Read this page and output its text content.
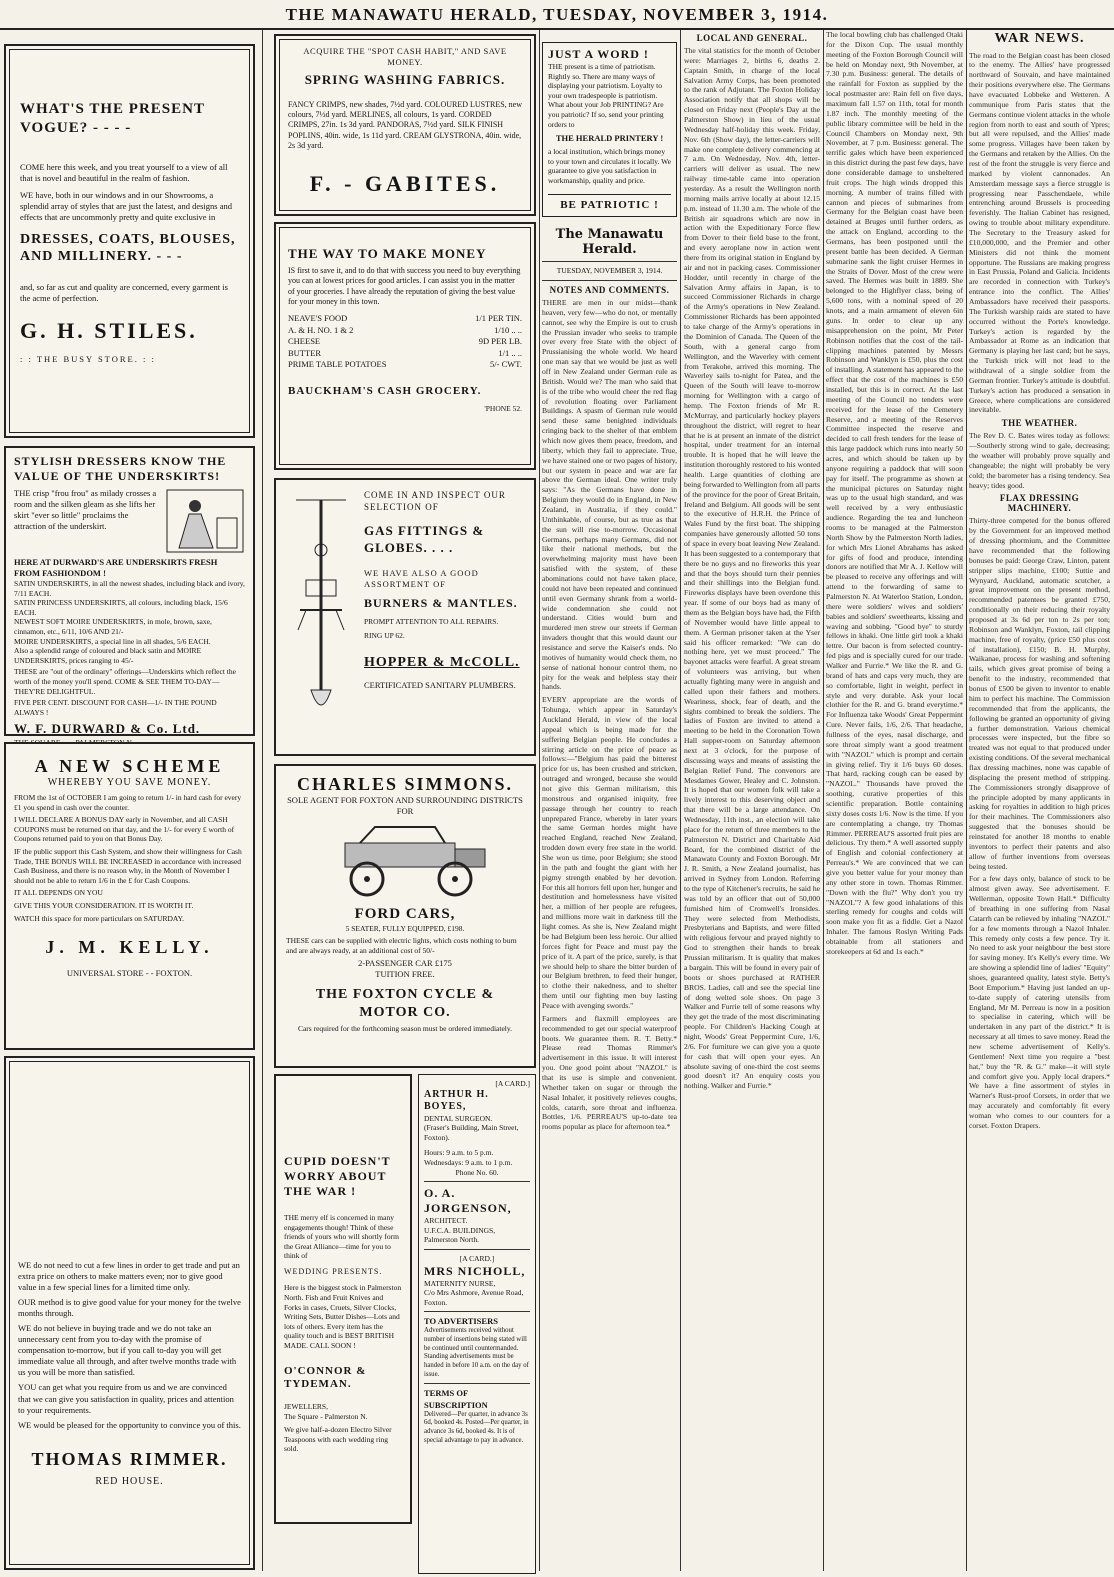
THE MANAWATU HERALD, TUESDAY, NOVEMBER 3, 1914.
WHAT'S THE PRESENT VOGUE? - - - -
COME here this week, and you treat yourself to a view of all that is novel and beautiful in the realm of fashion.
WE have, both in our windows and in our Showrooms, a splendid array of styles that are just the latest, and designs and effects that are uncommonly pretty and quite exclusive in
DRESSES, COATS, BLOUSES, AND MILLINERY. - - -
and, so far as cut and quality are concerned, every garment is the acme of perfection.
G. H. STILES.
: : THE BUSY STORE. : :
STYLISH DRESSERS KNOW THE VALUE OF THE UNDERSKIRTS!
THE crisp "frou frou" as milady crosses a room and the silken gleam as she lifts her skirt "ever so little" proclaims the attraction of the underskirt.
HERE AT DURWARD'S ARE UNDERSKIRTS FRESH FROM FASHIONDOM !
SATIN UNDERSKIRTS, in all the newest shades, including black and ivory, 7/11 EACH.
SATIN PRINCESS UNDERSKIRTS, all colours, including black, 15/6 EACH.
NEWEST SOFT MOIRE UNDERSKIRTS, in mole, brown, saxe, cinnamon, etc., 6/11, 10/6 AND 21/-
MOIRE UNDERSKIRTS, a special line in all shades, 5/6 EACH.
Also a splendid range of coloured and black satin and MOIRE UNDERSKIRTS, prices ranging to 45/-
THESE are "out of the ordinary" offerings—Underskirts which reflect the worth of the money you'll spend. COME & SEE THEM TO-DAY—THEY'RE DELIGHTFUL.
FIVE PER CENT. DISCOUNT FOR CASH—1/- IN THE POUND ALWAYS !
W. F. DURWARD & Co. Ltd.
A NEW SCHEME
WHEREBY YOU SAVE MONEY.
FROM the 1st of OCTOBER I am going to return 1/- in hard cash for every £1 you spend in cash over the counter.
I WILL DECLARE A BONUS DAY early in November, and all CASH COUPONS must be returned on that day, and the 1/- for every £ worth of Coupons returned paid to you on that Bonus Day.
IF the public support this Cash System, and show their willingness for Cash Trade, THE BONUS WILL BE INCREASED in accordance with increased Cash Business, and there is no reason why, in the Month of November I should not be able to return 1/6 in the £ for Cash Coupons.
IT ALL DEPENDS ON YOU
GIVE THIS YOUR CONSIDERATION. IT IS WORTH IT.
WATCH this space for more particulars on SATURDAY.
J. M. KELLY.
UNIVERSAL STORE - - FOXTON.
WE do not need to cut a few lines in order to get trade and put an extra price on others to make matters even; nor to give good value in a few special lines for a limited time only.
OUR method is to give good value for your money for the twelve months through.
WE do not believe in buying trade and we do not take an unnecessary cent from you to-day with the promise of compensation to-morrow, but if you call to-day you will get immediate value all through, and after twelve months trade with us you will be more than satisfied.
YOU can get what you require from us and we are convinced that we can give you satisfaction in quality, prices and attention to your requirements.
WE would be pleased for the opportunity to convince you of this.
THOMAS RIMMER.
RED HOUSE.
ACQUIRE THE "SPOT CASH HABIT," AND SAVE MONEY.
SPRING WASHING FABRICS.
FANCY CRIMPS, new shades, 7½d yard. COLOURED LUSTRES, new colours, 7½d yard. MERLINES, all colours, 1s yard. CORDED CRIMPS, 27in. 1s 3d yard. PANDORAS, 7½d yard. SILK FINISH POPLINS, 40in. wide, 1s 11d yard. CREAM GLYSTRONA, 40in. wide, 2s 3d yard.
F. - GABITES.
THE WAY TO MAKE MONEY
IS first to save it, and to do that with success you need to buy everything you can at lowest prices for good articles. I can assist you in the matter of your groceries. I have already the reputation of giving the best value for your money in this town.
NEAVE'S FOOD	1/1 PER TIN.
A. & H. NO. 1 & 2	1/10 .. ..
CHEESE	9D PER LB.
BUTTER	1/1 .. ..
PRIME TABLE POTATOES	5/- CWT.
BAUCKHAM'S CASH GROCERY.
'PHONE 52.
COME IN AND INSPECT OUR SELECTION OF
GAS FITTINGS & GLOBES. . . .
WE HAVE ALSO A GOOD ASSORTMENT OF
BURNERS & MANTLES.
PROMPT ATTENTION TO ALL REPAIRS.
RING UP 62.
HOPPER & McCOLL.
CERTIFICATED SANITARY PLUMBERS.
CHARLES SIMMONS.
SOLE AGENT FOR FOXTON AND SURROUNDING DISTRICTS FOR
FORD CARS,
5 SEATER, FULLY EQUIPPED, £198.
THESE cars can be supplied with electric lights, which costs nothing to burn and are always ready, at an additional cost of 50/-
2-PASSENGER CAR £175
TUITION FREE.
THE FOXTON CYCLE & MOTOR CO.
Cars required for the forthcoming season must be ordered immediately.
CUPID DOESN'T WORRY ABOUT THE WAR !
THE merry elf is concerned in many engagements though! Think of these friends of yours who will shortly form the Great Alliance—time for you to think of
WEDDING PRESENTS.
Here is the biggest stock in Palmerston North. Fish and Fruit Knives and Forks in cases, Cruets, Silver Clocks, Writing Sets, Butter Dishes—Lots and lots of others. Every item has the quality touch and is BEST BRITISH MADE. CALL SOON !
O'CONNOR & TYDEMAN.
JEWELLERS,
The Square - Palmerston N.
We give half-a-dozen Electro Silver Teaspoons with each wedding ring sold.
[A CARD.]
ARTHUR H. BOYES,
DENTAL SURGEON.
(Fraser's Building, Main Street, Foxton).
Hours: 9 a.m. to 5 p.m. Wednesdays: 9 a.m. to 1 p.m.
Phone No. 60.
O. A. JORGENSON,
ARCHITECT.
U.F.C.A. BUILDINGS, Palmerston North.
[A CARD.]
MRS NICHOLL,
MATERNITY NURSE,
C/o Mrs Ashmore, Avenue Road, Foxton.
TO ADVERTISERS
Advertisements received without number of insertions being stated will be continued until countermanded. Standing advertisements must be handed in before 10 a.m. on the day of issue.
TERMS OF SUBSCRIPTION
Delivered—Per quarter, in advance 3s 6d, booked 4s. Posted—Per quarter, in advance 3s 6d, booked 4s. It is of special advantage to pay in advance.
JUST A WORD !
THE present is a time of patriotism. Rightly so. There are many ways of displaying your patriotism. Loyalty to your own tradespeople is patriotism. What about your Job PRINTING? Are you patriotic? If so, send your printing orders to
THE HERALD PRINTERY !
a local institution, which brings money to your town and circulates it locally. We guarantee to give you satisfaction in workmanship, quality and price.
BE PATRIOTIC !
The Manawatu Herald.
TUESDAY, NOVEMBER 3, 1914.
NOTES AND COMMENTS.
THERE are men in our midst—thank heaven, very few—who do not, or mentally cannot, see why the Empire is out to crush the Prussian invader who seeks to trample over every free State with the object of Prussianising the whole world. We heard one man say that we would be just as well off in New Zealand under German rule as British. Would we? The man who said that is of the tribe who would cheer the red flag of revolution floating over Parliament Buildings. A spasm of German rule would send these same benighted individuals cringing back to the shelter of that emblem which now gives them peace, freedom, and liberty, which they fail to appreciate. True, we have stained one or two pages of history, but our system in peace and war are far above the German ideal. One writer truly says: "As the Germans have done in Belgium they would do in England, in New Zealand, in Australia, if they could." Unthinkable, of course, but as true as that the sun will rise to-morrow. Occasional Germans, perhaps many Germans, did not like their national methods, but the overwhelming majority must have been satisfied with the system, of these abominations could not have taken place, could not have been repeated and continued until even Germany shrank from a world-wide condemnation she could not understand. Cities would burn and murdered men strew our streets if German invaders thought that this would daunt our resistance and serve the Kaiser's ends. No motives of humanity would check them, no sense of national honour control them, no pity for the weak and helpless stay their hands.
EVERY appropriate are the words of Tohunga, which appear in Saturday's Auckland Herald, in view of the local appeal which is being made for the suffering Belgian people. He concludes a stirring article on the price of peace as follows:—"Belgium has paid the bitterest price for us, has been crushed and stricken, outraged and wronged, because she would not give this German militarism, this monstrous and organised iniquity, free passage through her country to reach unprepared France, whereby in later years the same German hordes might have reached England, reached New Zealand, trodden down every free state in the world. She won us time, poor Belgium; she stood in the path and fought the giant with her pigmy strength enabled by her devotion. For this all horrors fell upon her, hunger and destitution and homelessness have visited her, a million of her people are refugees, and millions more wait in darkness till the light comes. As she is, New Zealand might be had Belgium been less heroic. Our allied forces fight for Peace and must pay the price of it. A part of the price, surely, is that we should help to share the bitter burden of our Belgium brethren, to feed their hunger, to clothe their nakedness, and to shelter them until our fighting men buy lasting Peace with avenging swords."
Farmers and flaxmill employees are recommended to get our special waterproof boots. We guarantee them. R. T. Betty.* Please read Thomas Rimmer's advertisement in this issue. It will interest you. One good point about "NAZOL" is that its use is simple and convenient. Whether taken on sugar or through the Nasal Inhaler, it positively relieves coughs, colds, catarrh, sore throat and influenza. Bottles, 1/6. PERREAU'S up-to-date tea rooms popular as place for afternoon tea.*
LOCAL AND GENERAL.
The vital statistics for the month of October were: Marriages 2, births 6, deaths 2. Captain Smith, in charge of the local Salvation Army Corps, has been promoted to the rank of Adjutant. The Foxton Holiday Association notify that all shops will be closed on Friday next (People's Day at the Palmerston Show) in lieu of the usual Wednesday half-holiday this week. Friday, Nov. 6th (Show day), the letter-carriers will make one complete delivery commencing at 7 a.m. On Wednesday, Nov. 4th, letter-carriers will deliver as usual. The new railway time-table came into operation yesterday. As a result the Wellington north morning mails arrive locally at about 12.15 p.m. instead of 11.30 a.m. The whole of the British air squadrons which are now in action with the Expeditionary Force flew from Dover to their field base to the front, and every aeroplane now in action went there from its original station in England by air and not in packing cases. Commissioner Hodder, until recently in charge of the Salvation Army affairs in Japan, is to succeed Commissioner Richards in charge of the Army's operations in New Zealand. Commissioner Richards has been appointed to take charge of the Army's operations in the Dominion of Canada. The Queen of the South, with a general cargo from Wellington, and the Waverley with cement from Terakohe, arrived this morning. The Waverley sails to-night for Patea, and the Queen of the South will leave to-morrow morning for Wellington with a cargo of hemp. The Foxton friends of Mr R. McMurray, and particularly hockey players throughout the district, will regret to hear that he is at present an inmate of the district hospital, under treatment for an internal trouble. It is hoped that he will leave the institution thoroughly restored to his wonted health. Large quantities of clothing are being forwarded to Wellington from all parts of the province for the poor of Great Britain, Ireland and Belgium. All goods will be sent to the executive of H.R.H. the Prince of Wales Fund by the first boat. The shipping companies have generously allotted 50 tons of space in every boat leaving New Zealand. It has been suggested to a contemporary that there be no guys and no fireworks this year and that the boys should turn their pennies and their shillings into the Belgian fund. Fireworks displays have been overdone this year. If some of our boys had as many of them as the Belgian boys have had, the Fifth of November would have little appeal to them. A German prisoner taken at the Yser said his officer remarked: "We can do nothing here, yet we must proceed." The bayonet attacks were fearful. A great stream of volunteers was arriving, but when actually fighting many were in anguish and called upon their fathers and mothers. Weariness, shock, fear of death, and the sights combined to break the soldiers. The ladies of Foxton are invited to attend a meeting to be held in the Coronation Town Hall supper-room on Saturday afternoon next at 3 o'clock, for the purpose of discussing ways and means of assisting the Belgian Relief Fund. The convenors are Mesdames Gower, Healey and C. Johnston. It is hoped that our women folk will take a lively interest to this deserving object and that there will be a large attendance. On Wednesday, 11th inst., an election will take place for the return of three members to the Palmerston N. District and Charitable Aid Board, for the combined district of the Manawatu County and Foxton Borough. Mr J. R. Smith, a New Zealand journalist, has arrived in Sydney from London. Referring to the type of Kitchener's recruits, he said he was told by an officer that out of 50,000 furnished him of Cromwell's Ironsides. They were selected from Methodists, Presbyterians and Baptists, and were filled with religious fervour and prayed nightly to God to strengthen their hands to break Prussian militarism. It is quality that makes a bargain. This will be found in every pair of boots or shoes purchased at RATHER BROS. Ladies, call and see the special line of dong welted sole shoes. On page 3 Walker and Furrie tell of some reasons why they get the trade of the most discriminating people. For Children's Hacking Cough at night, Woods' Great Peppermint Cure, 1/6, 2/6. For furniture we can give you a quote for cash that will open your eyes. An absolute saving of one-third the cost seems good doesn't it? An enquiry costs you nothing. Walker and Furrie.*
The local bowling club has challenged Otaki for the Dixon Cup. The usual monthly meeting of the Foxton Borough Council will be held on Monday next, 9th November, at 7.30 p.m. Business: general. The details of the rainfall for Foxton as supplied by the local postmaster are: Rain fell on five days, maximum fall 1.57 on 11th, total for month 1.87 inch. The monthly meeting of the public library committee will be held in the Council Chambers on Monday next, 9th November, at 7 p.m. Business: general. The terrific gales which have been experienced in this district during the past few days, have done considerable damage to unsheltered fruit crops. The high winds dropped this morning. A number of trains filled with cannon and pieces of submarines from Germany for the Belgian coast have been detained at Bruges until further orders, as the attack on England, according to the Germans, has been postponed until the present battle has been decided. A German submarine sank the light cruiser Hermes in the Straits of Dover. Most of the crew were saved. The Hermes was built in 1889. She belonged to the Highflyer class, being of 5,600 tons, with a nominal speed of 20 knots, and a main armament of eleven 6in guns. In order to clear up any misapprehension on the point, Mr Peter Robinson notifies that the cost of the tail-clipping machines patented by Messrs Robinson and Wanklyn is £50, plus the cost of installing. A statement has appeared to the effect that the cost of the machines is £50 installed, but this is in correct. At the last meeting of the Council no tenders were received for the lease of the Cemetery Reserve, and a meeting of the Reserves Committee inspected the reserve and decided to call fresh tenders for the lease of this large paddock which runs into nearly 50 acres, and which should be taken up by anyone requiring a paddock that will soon pay for itself. The programme as shown at the municipal pictures on Saturday night was up to the usual high standard, and was well received by a very enthusiastic audience. Regarding the tea and luncheon rooms to be managed at the Palmerston North Show by the Palmerston North ladies, for which Mrs Lionel Abrahams has asked for gifts of food and produce, intending donors are notified that Mr A. J. Kellow will be pleased to receive any offerings and will attend to the forwarding of same to Palmerston N. At Waterloo Station, London, there were soldiers' wives and soldiers' babies and soldiers' sweethearts, kissing and waving and sobbing. "Good bye" to sturdy fellows in khaki. One little girl took a khaki lettre. Our bacon is from selected country-fed pigs and is specially cured for our trade. Walker and Furrie.* We like the R. and G. brand of hats and caps very much, they are so comfortable, light in weight, perfect in style and very durable. Ask your local clothier for the R. and G. brand everytime.* For Influenza take Woods' Great Peppermint Cure. Never fails, 1/6, 2/6. That headache, fullness of the eyes, nasal discharge, and sore throat simply want a good treatment with "NAZOL" which is prompt and certain in giving relief. Try it 1/6 buys 60 doses. That hard, racking cough can be eased by "NAZOL." Thousands have proved the soothing, curative properties of this scientific preparation. Bottle containing sixty doses costs 1/6. Now is the time. If you are contemplating a change, try Thomas Rimmer. PERREAU'S assorted fruit pies are delicious. Try them.* A well assorted supply of English and colonial confectionery at Perreau's.* We are convinced that we can give you better value for your money than any other store in town. Thomas Rimmer. "Down with the flu?" Why don't you try "NAZOL"? A few good inhalations of this sterling remedy for coughs and colds will soon make you fit as a fiddle. Get a Nazol Inhaler. The famous Roslyn Writing Pads obtainable from all stationers and storekeepers at 6d and 1s each.*
WAR NEWS.
The road to the Belgian coast has been closed to the enemy. The Allies' have progressed northward of Souvain, and have maintained their positions everywhere else. The Germans have evacuated Lobbeke and Wetteren. A communique from Paris states that the Germans continue violent attacks in the whole region from north to east and south of Ypres; but all were repulsed, and the Allies' made some progress. Villages have been taken by the Germans and retaken by the Allies. On the rest of the front the struggle is very fierce and marked by violent cannonades. An Amsterdam message says a fierce struggle is progressing near Passchendaele, while entrenching around Brussels is proceeding feverishly. The Italian Cabinet has resigned, owing to trouble about military expenditure. The Secretary to the Treasury asked for £10,000,000, and the Premier and other Ministers did not think the moment opportune. The Russians are making progress in East Prussia, Poland and Galicia. Incidents are recorded in connection with Turkey's entrance into the conflict. The Allies' Ambassadors have received their passports. The Turkish warship raids are stated to have occurred without the Porte's knowledge. Turkey's action is regarded by the Ambassador at Rome as an indication that Germany is playing her last card; but he says, the Turkish trick will not lead to the withdrawal of a single soldier from the German frontier. Turkey's attitude is doubtful. Turkey's action has produced a sensation in Greece, where complications are considered inevitable.
THE WEATHER.
The Rev D. C. Bates wires today as follows:—Southerly strong wind to gale, decreasing; the weather will probably prove squally and changeable; the night will probably be very cold; the barometer has a rising tendency. Sea heavy; tides good.
FLAX DRESSING MACHINERY.
Thirty-three competed for the bonus offered by the Government for an improved method of dressing phormium, and the Committee have recommended that the following bonuses be paid: George Craw, Linton, patent stripper slips machine, £100; Suttie and Wynyard, Auckland, automatic scutcher, a great improvement on the present method, recommended patentees be granted £750, conditionally on their reducing their royalty proposed at 3s 6d per ton to 2s per ton; Robinson and Wanklyn, Foxton, tail clipping machine, free of royalty, (price £50 plus cost of installation), £150; B. H. Murphy, Waikanae, process for washing and softening tails, which gives great promise of being a benefit to the industry, recommended that bonus of £500 be given to inventor to enable him to perfect his machine. The Commission recommended that from the applicants, the following be granted an opportunity of giving a further demonstration. Various chemical processes were inspected, but the fibre so treated was not equal to that produced under existing conditions. Of the several mechanical flax dressing machines, none was capable of displacing the present method of stripping. The Commissioners strongly disapprove of the principle adopted by many applicants in asking for royalties in addition to high prices for their machines. The Commissioners also suggested that the bonuses should be reinstated for another 18 months to enable inventors to perfect their patents and also allow of further inventions from overseas being tested.
For a few days only, balance of stock to be almost given away. See advertisement. F. Wellerman, opposite Town Hall.* Difficulty of breathing in one suffering from Nasal Catarrh can be relieved by inhaling "NAZOL" for a few moments through a Nazol Inhaler. This remedy only costs a few pence. Try it. No need to ask your neighbour the best store for saving money. It's Kelly's every time. We are showing a splendid line of ladies' "Equity" shoes, guaranteed quality, latest style. Betty's Boot Emporium.* Having just landed an up-to-date supply of catering utensils from England, Mr M. Perreau is now in a position to specialise in catering, which will be undertaken in any part of the district.* It is necessary at all times to save money. Read the new scheme advertisement of Kelly's. Gentlemen! Next time you require a "best hat," buy the "R. & G." make—it will style and comfort give you. Apply local drapers.* We have a fine assortment of styles in Warner's Rust-proof Corsets, in order that we may accurately and comfortably fit every woman who comes to our counters for a corset. Foxton Drapers.
